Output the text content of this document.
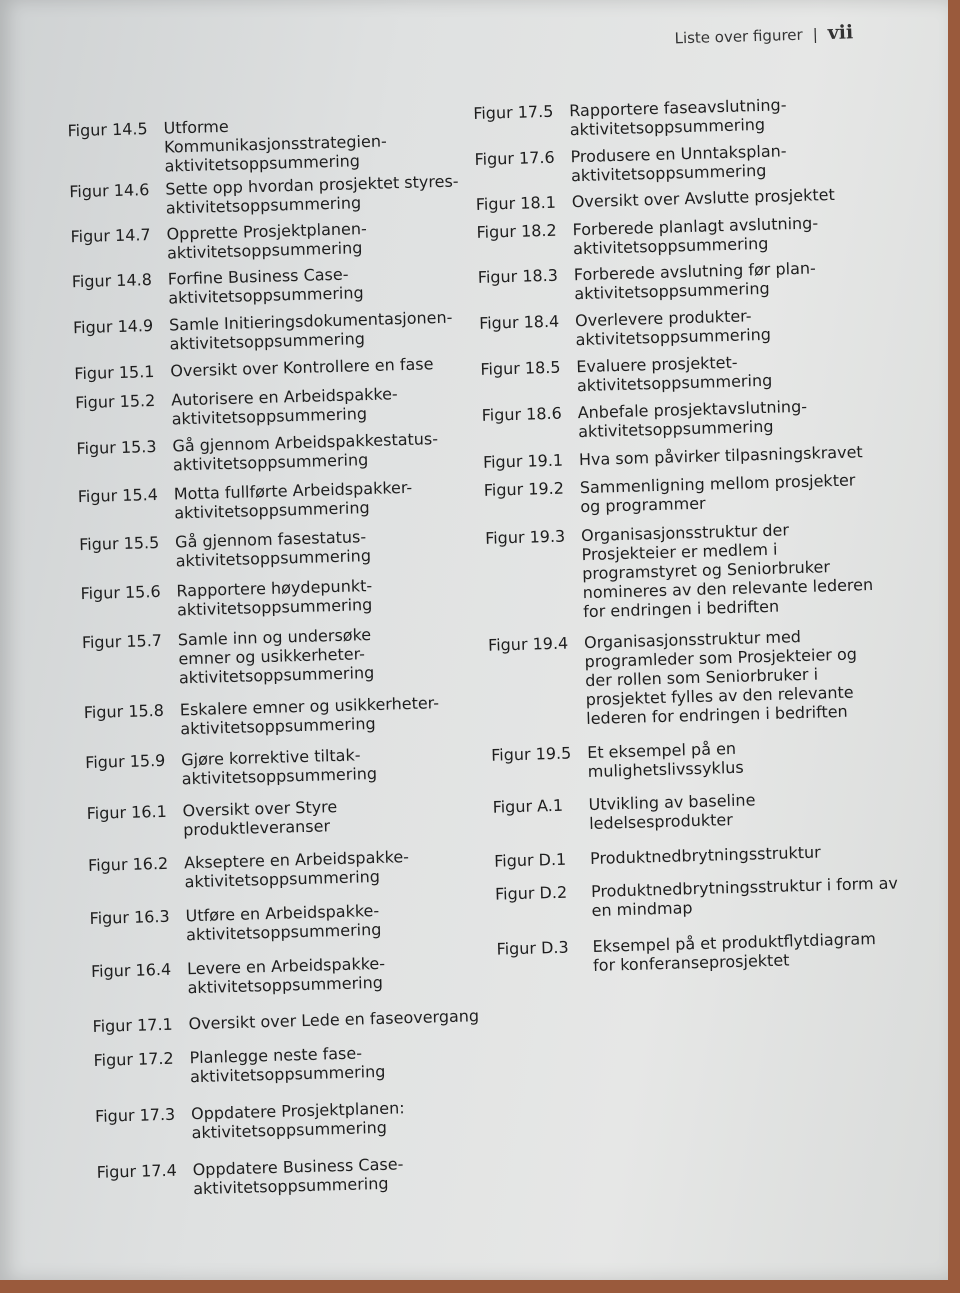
Liste over figurer | vii
Figur 14.5 Utforme Kommunikasjonsstrategien- aktivitetsoppsummering
Figur 14.6 Sette opp hvordan prosjektet styres- aktivitetsoppsummering
Figur 14.7 Opprette Prosjektplanen- aktivitetsoppsummering
Figur 14.8 Forfine Business Case- aktivitetsoppsummering
Figur 14.9 Samle Initieringsdokumentasjonen- aktivitetsoppsummering
Figur 15.1 Oversikt over Kontrollere en fase
Figur 15.2 Autorisere en Arbeidspakke- aktivitetsoppsummering
Figur 15.3 Gå gjennom Arbeidspakkestatus- aktivitetsoppsummering
Figur 15.4 Motta fullførte Arbeidspakker- aktivitetsoppsummering
Figur 15.5 Gå gjennom fasestatus- aktivitetsoppsummering
Figur 15.6 Rapportere høydepunkt- aktivitetsoppsummering
Figur 15.7 Samle inn og undersøke emner og usikkerheter- aktivitetsoppsummering
Figur 15.8 Eskalere emner og usikkerheter- aktivitetsoppsummering
Figur 15.9 Gjøre korrektive tiltak- aktivitetsoppsummering
Figur 16.1 Oversikt over Styre produktleveranser
Figur 16.2 Akseptere en Arbeidspakke- aktivitetsoppsummering
Figur 16.3 Utføre en Arbeidspakke- aktivitetsoppsummering
Figur 16.4 Levere en Arbeidspakke- aktivitetsoppsummering
Figur 17.1 Oversikt over Lede en faseovergang
Figur 17.2 Planlegge neste fase- aktivitetsoppsummering
Figur 17.3 Oppdatere Prosjektplanen: aktivitetsoppsummering
Figur 17.4 Oppdatere Business Case- aktivitetsoppsummering
Figur 17.5 Rapportere faseavslutning- aktivitetsoppsummering
Figur 17.6 Produsere en Unntaksplan- aktivitetsoppsummering
Figur 18.1 Oversikt over Avslutte prosjektet
Figur 18.2 Forberede planlagt avslutning- aktivitetsoppsummering
Figur 18.3 Forberede avslutning før plan- aktivitetsoppsummering
Figur 18.4 Overlevere produkter- aktivitetsoppsummering
Figur 18.5 Evaluere prosjektet- aktivitetsoppsummering
Figur 18.6 Anbefale prosjektavslutning- aktivitetsoppsummering
Figur 19.1 Hva som påvirker tilpasningskravet
Figur 19.2 Sammenligning mellom prosjekter og programmer
Figur 19.3 Organisasjonsstruktur der Prosjekteier er medlem i programstyret og Seniorbruker nomineres av den relevante lederen for endringen i bedriften
Figur 19.4 Organisasjonsstruktur med programleder som Prosjekteier og der rollen som Seniorbruker i prosjektet fylles av den relevante lederen for endringen i bedriften
Figur 19.5 Et eksempel på en mulighetslivssyklus
Figur A.1 Utvikling av baseline ledelsesprodukter
Figur D.1 Produktnedbrytningsstruktur
Figur D.2 Produktnedbrytningsstruktur i form av en mindmap
Figur D.3 Eksempel på et produktflytdiagram for konferanseprosjektet
